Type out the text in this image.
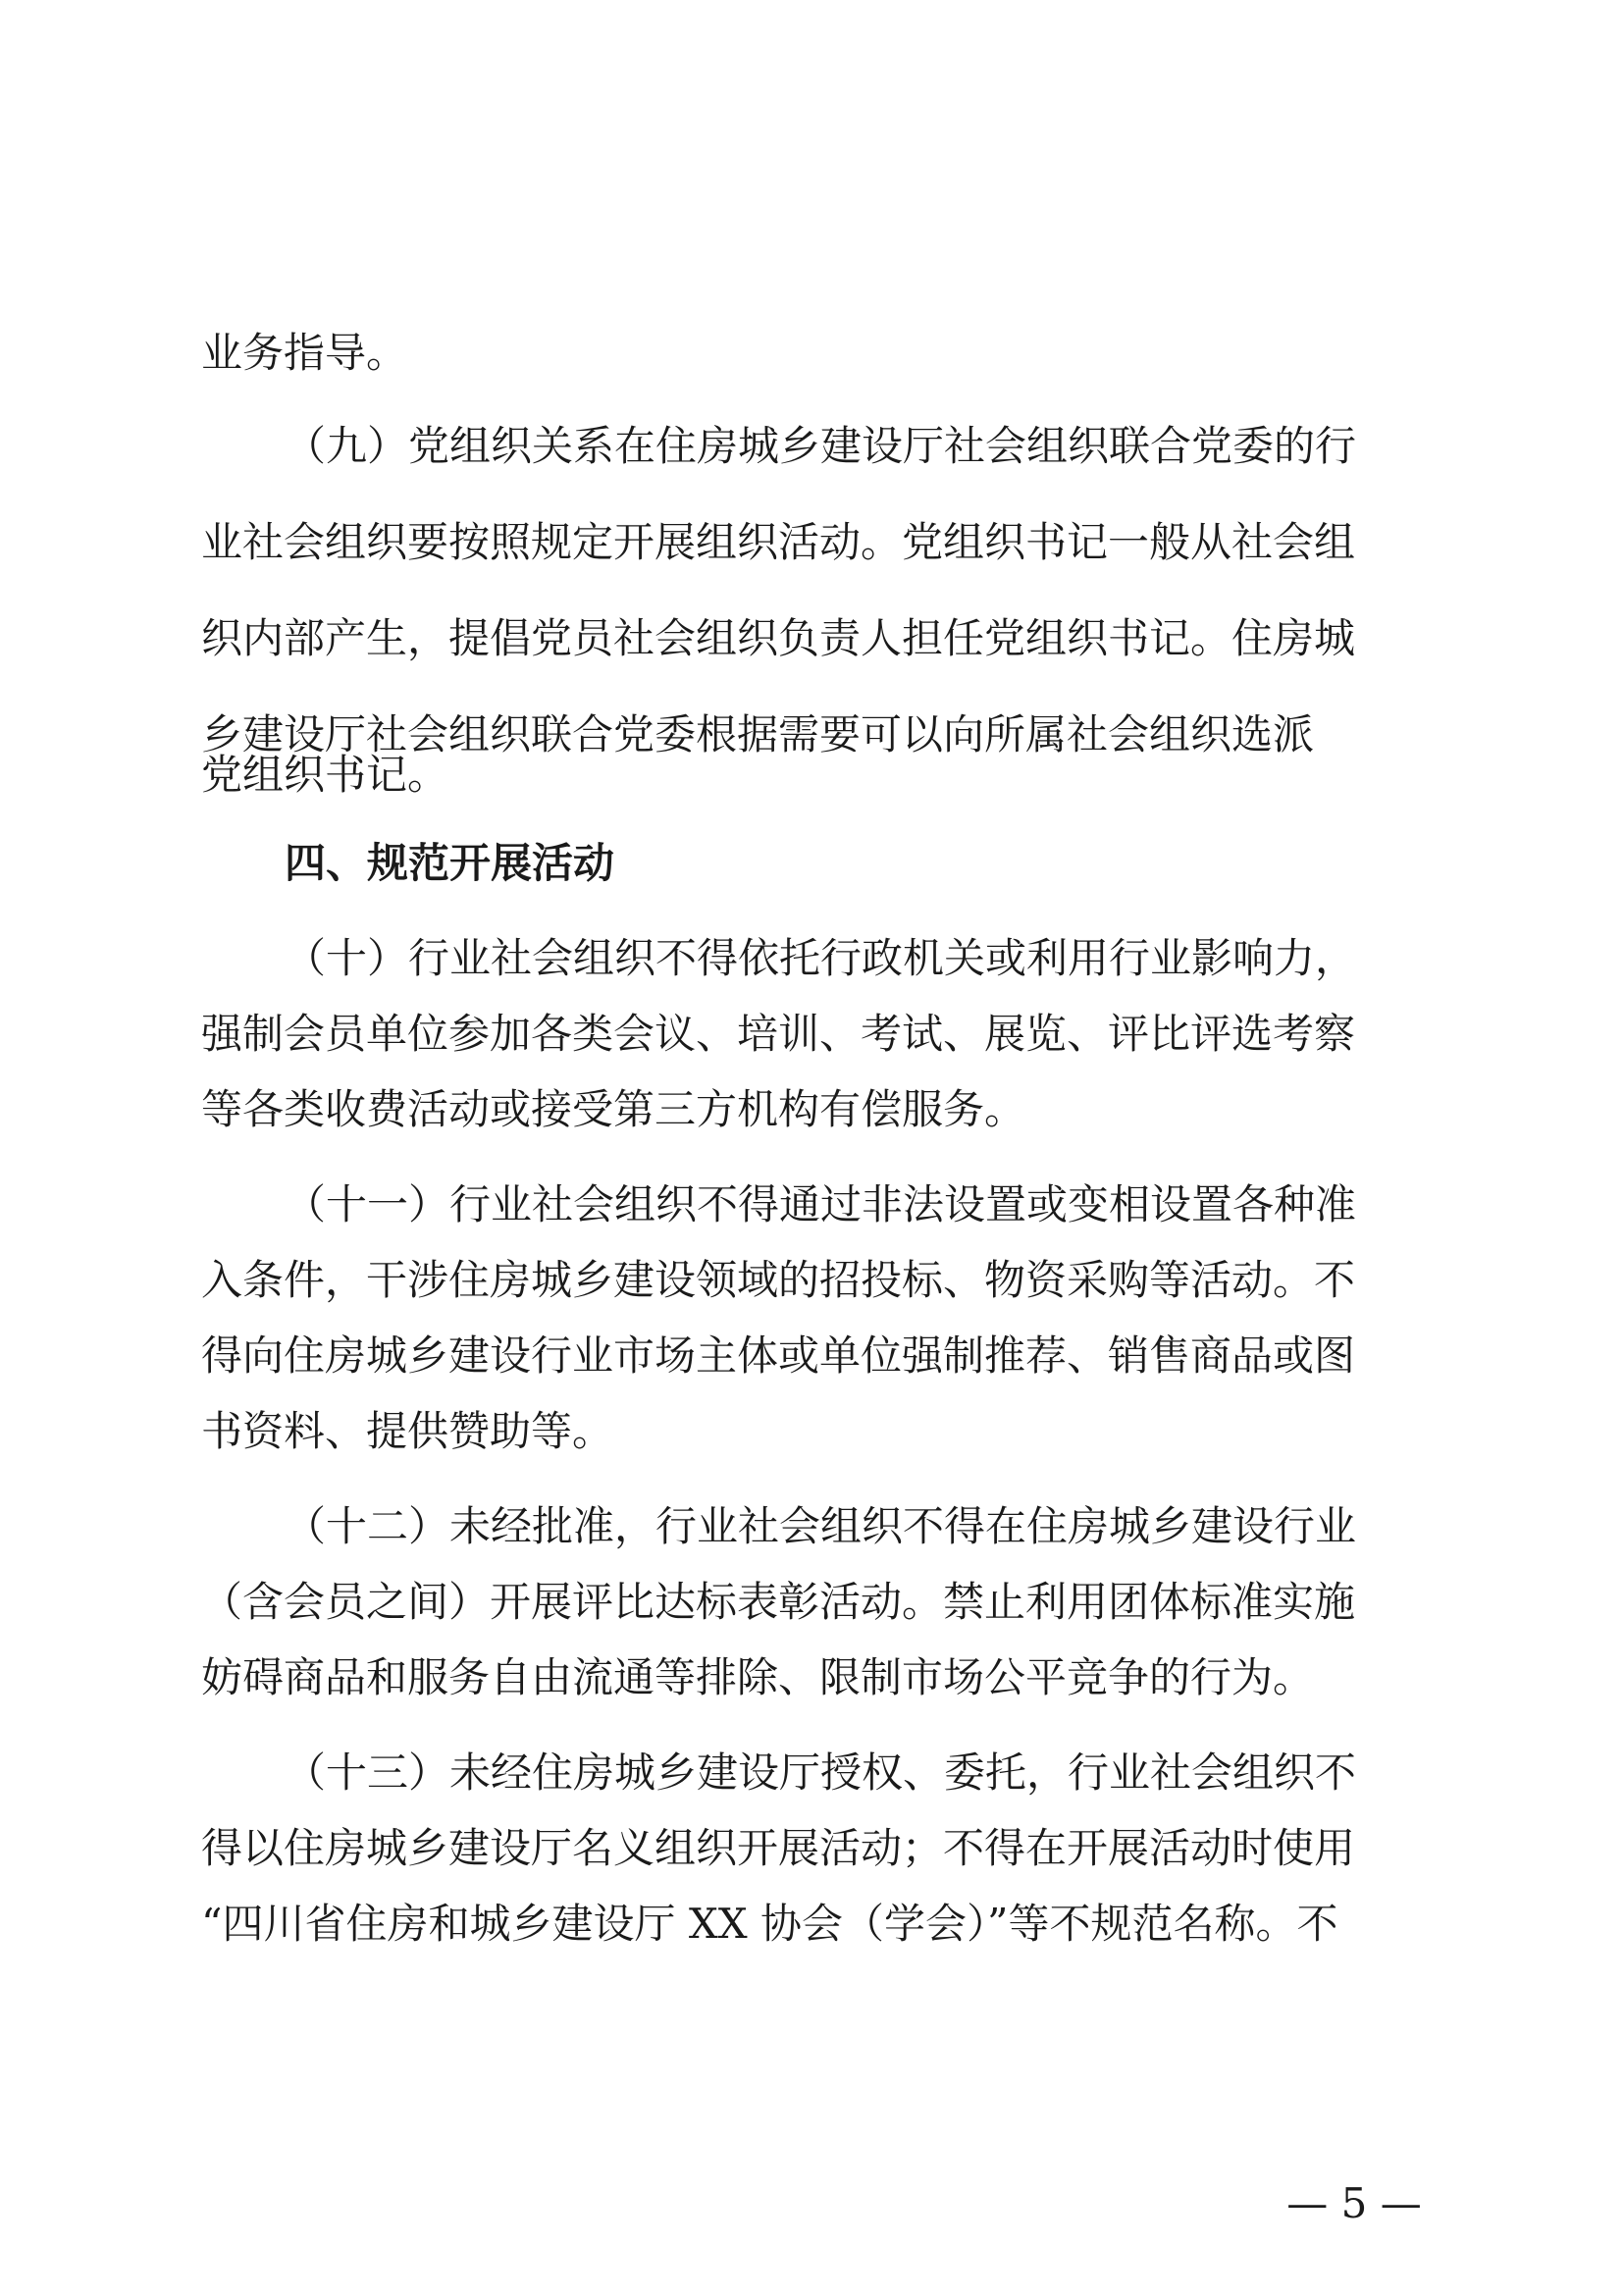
业务指导。
（九）党组织关系在住房城乡建设厅社会组织联合党委的行
业社会组织要按照规定开展组织活动。党组织书记一般从社会组
织内部产生，提倡党员社会组织负责人担任党组织书记。住房城
乡建设厅社会组织联合党委根据需要可以向所属社会组织选派
党组织书记。
四、规范开展活动
（十）行业社会组织不得依托行政机关或利用行业影响力，
强制会员单位参加各类会议、培训、考试、展览、评比评选考察
等各类收费活动或接受第三方机构有偿服务。
（十一）行业社会组织不得通过非法设置或变相设置各种准
入条件，干涉住房城乡建设领域的招投标、物资采购等活动。不
得向住房城乡建设行业市场主体或单位强制推荐、销售商品或图
书资料、提供赞助等。
（十二）未经批准，行业社会组织不得在住房城乡建设行业
（含会员之间）开展评比达标表彰活动。禁止利用团体标准实施
妨碍商品和服务自由流通等排除、限制市场公平竞争的行为。
（十三）未经住房城乡建设厅授权、委托，行业社会组织不
得以住房城乡建设厅名义组织开展活动；不得在开展活动时使用
“四川省住房和城乡建设厅 XX 协会（学会）”等不规范名称。不
— 5 —
